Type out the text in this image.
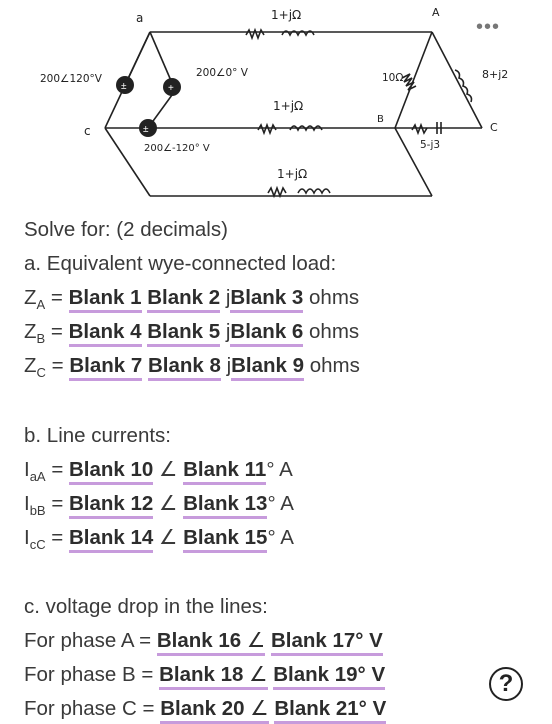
±	+
±
a
c
A
B
C
200∠120°V	200∠0° V
200∠-120° V
1+jΩ
1+jΩ
1+jΩ
10Ω	8+j2
5-j3
•••
Solve for: (2 decimals)
a. Equivalent wye-connected load:
$Z_A$ = Blank 1 Blank 2 jBlank 3 ohms
$Z_B$ = Blank 4 Blank 5 jBlank 6 ohms
$Z_C$ = Blank 7 Blank 8 jBlank 9 ohms
b. Line currents:
$I_{aA}$ = Blank 10 ∠ Blank 11° A
$I_{bB}$ = Blank 12 ∠ Blank 13° A
$I_{cC}$ = Blank 14 ∠ Blank 15° A
c. voltage drop in the lines:
For phase A = Blank 16 ∠ Blank 17° V
For phase B = Blank 18 ∠ Blank 19° V
For phase C = Blank 20 ∠ Blank 21° V
?
